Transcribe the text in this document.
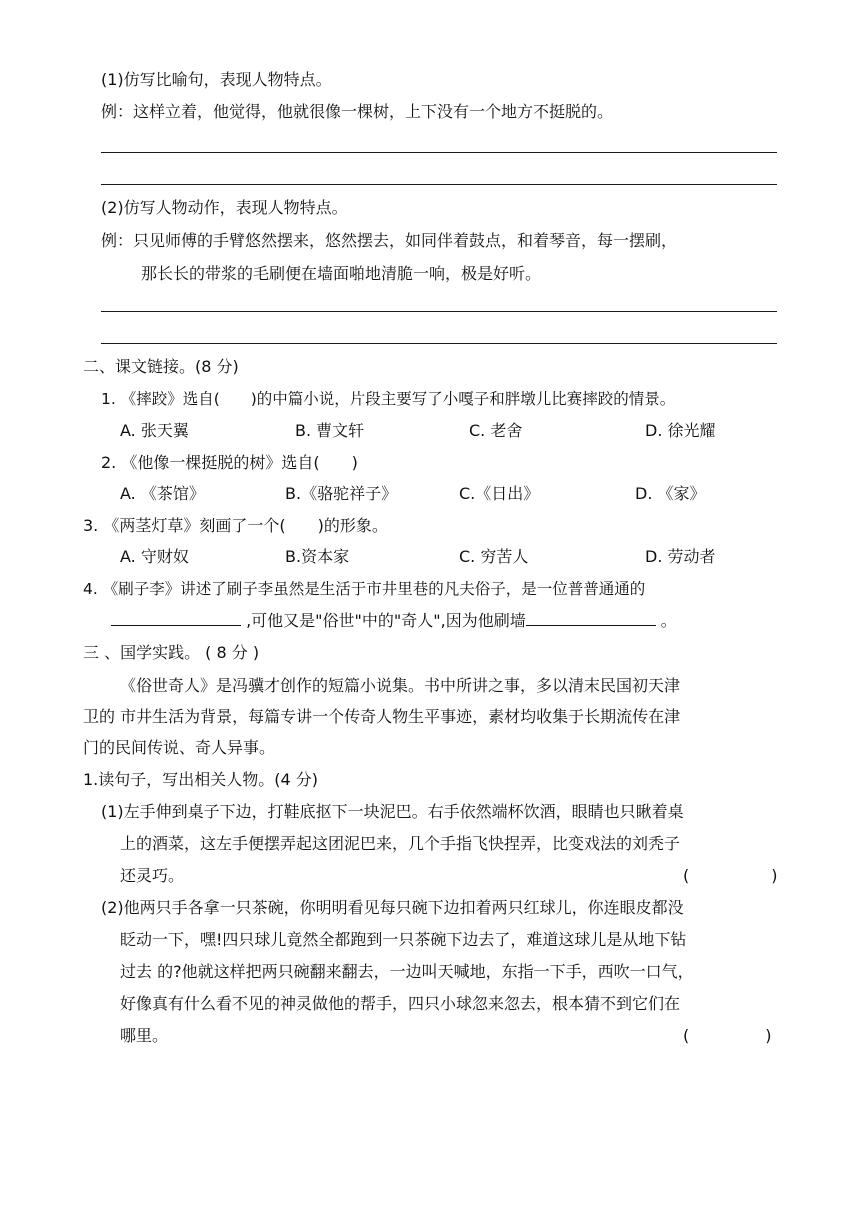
(1)仿写比喻句，表现人物特点。
例：这样立着，他觉得，他就很像一棵树，上下没有一个地方不挺脱的。
(2)仿写人物动作，表现人物特点。
例：只见师傅的手臂悠然摆来，悠然摆去，如同伴着鼓点，和着琴音，每一摆刷，
那长长的带浆的毛刷便在墙面啪地清脆一响，极是好听。
二、课文链接。(8 分)
1. 《摔跤》选自(　　)的中篇小说，片段主要写了小嘎子和胖墩儿比赛摔跤的情景。
A. 张天翼	B. 曹文轩	C. 老舍	D. 徐光耀
2. 《他像一棵挺脱的树》选自(　　)
A. 《茶馆》	B.《骆驼祥子》	C.《日出》	D. 《家》
3. 《两茎灯草》刻画了一个(　　)的形象。
A. 守财奴	B.资本家	C. 穷苦人	D. 劳动者
4. 《刷子李》讲述了刷子李虽然是生活于市井里巷的凡夫俗子，是一位普普通通的
,可他又是"俗世"中的"奇人",因为他刷墙	。
三 、国学实践。 ( 8 分 )
《俗世奇人》是冯骥才创作的短篇小说集。书中所讲之事，多以清末民国初天津
卫的 市井生活为背景，每篇专讲一个传奇人物生平事迹，素材均收集于长期流传在津
门的民间传说、奇人异事。
1.读句子，写出相关人物。(4 分)
(1)左手伸到桌子下边，打鞋底抠下一块泥巴。右手依然端杯饮酒，眼睛也只瞅着桌
上的酒菜，这左手便摆弄起这团泥巴来，几个手指飞快捏弄，比变戏法的刘秃子
还灵巧。	(	)
(2)他两只手各拿一只茶碗，你明明看见每只碗下边扣着两只红球儿，你连眼皮都没
眨动一下，嘿!四只球儿竟然全都跑到一只茶碗下边去了，难道这球儿是从地下钻
过去 的?他就这样把两只碗翻来翻去，一边叫天喊地，东指一下手，西吹一口气，
好像真有什么看不见的神灵做他的帮手，四只小球忽来忽去，根本猜不到它们在
哪里。	(	)
